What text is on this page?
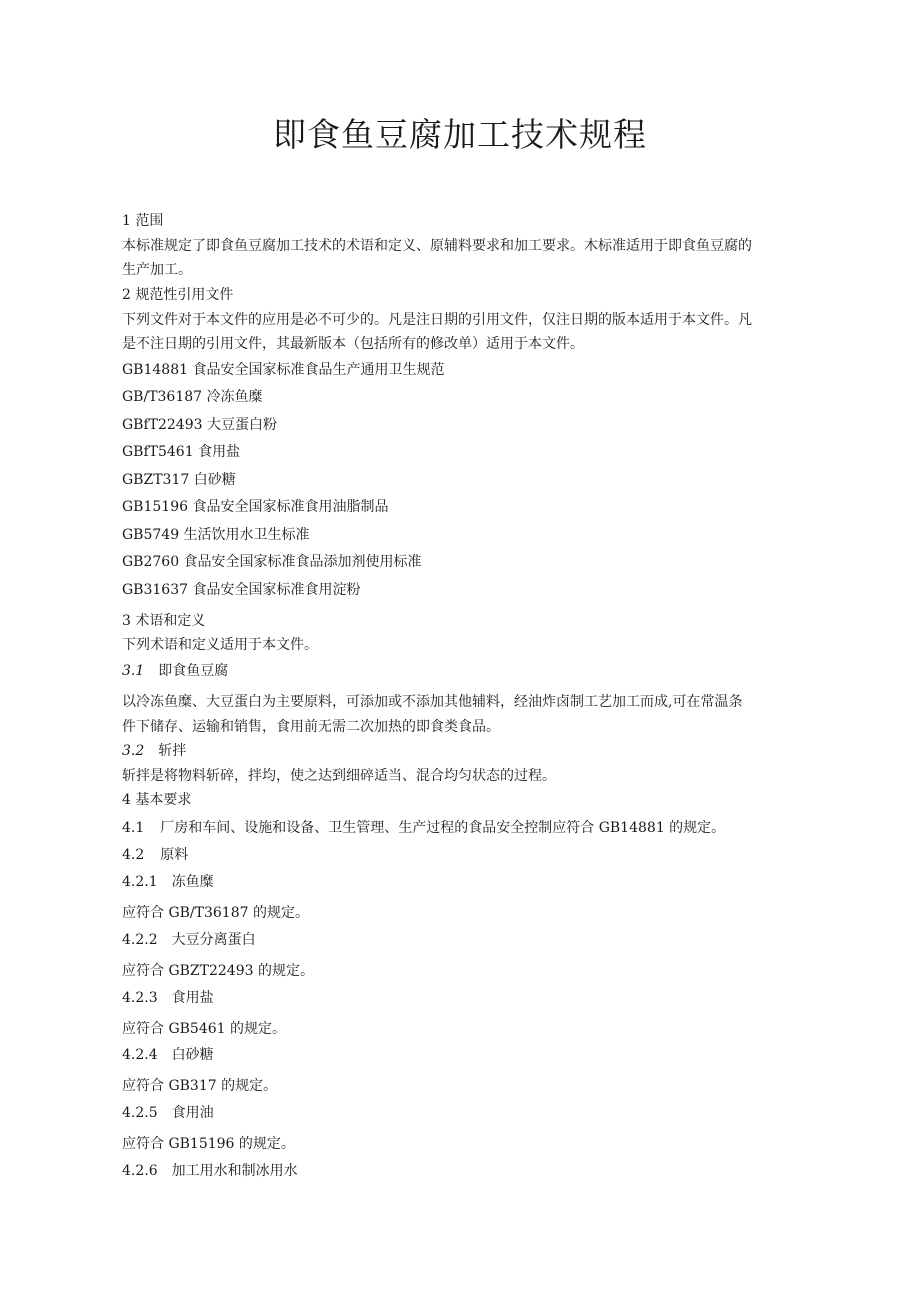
即食鱼豆腐加工技术规程
1 范围
本标准规定了即食鱼豆腐加工技术的术语和定义、原辅料要求和加工要求。木标准适用于即食鱼豆腐的
生产加工。
2 规范性引用文件
下列文件对于本文件的应用是必不可少的。凡是注日期的引用文件，仅注日期的版本适用于本文件。凡
是不注日期的引用文件，其最新版本（包括所有的修改单）适用于本文件。
GB14881 食品安全国家标准食品生产通用卫生规范
GB/T36187 冷冻鱼糜
GBfT22493 大豆蛋白粉
GBfT5461 食用盐
GBZT317 白砂糖
GB15196 食品安全国家标准食用油脂制品
GB5749 生活饮用水卫生标准
GB2760 食品安全国家标准食品添加剂使用标准
GB31637 食品安全国家标准食用淀粉
3 术语和定义
下列术语和定义适用于本文件。
3.1 即食鱼豆腐
以冷冻鱼糜、大豆蛋白为主要原料，可添加或不添加其他辅料，经油炸卤制工艺加工而成,可在常温条
件下储存、运输和销售，食用前无需二次加热的即食类食品。
3.2 斩拌
斩拌是将物料斩碎，拌均，使之达到细碎适当、混合均匀状态的过程。
4 基本要求
4.1 厂房和车间、设施和设备、卫生管理、生产过程的食品安全控制应符合 GB14881 的规定。
4.2 原料
4.2.1 冻鱼糜
应符合 GB/T36187 的规定。
4.2.2 大豆分离蛋白
应符合 GBZT22493 的规定。
4.2.3 食用盐
应符合 GB5461 的规定。
4.2.4 白砂糖
应符合 GB317 的规定。
4.2.5 食用油
应符合 GB15196 的规定。
4.2.6 加工用水和制冰用水
